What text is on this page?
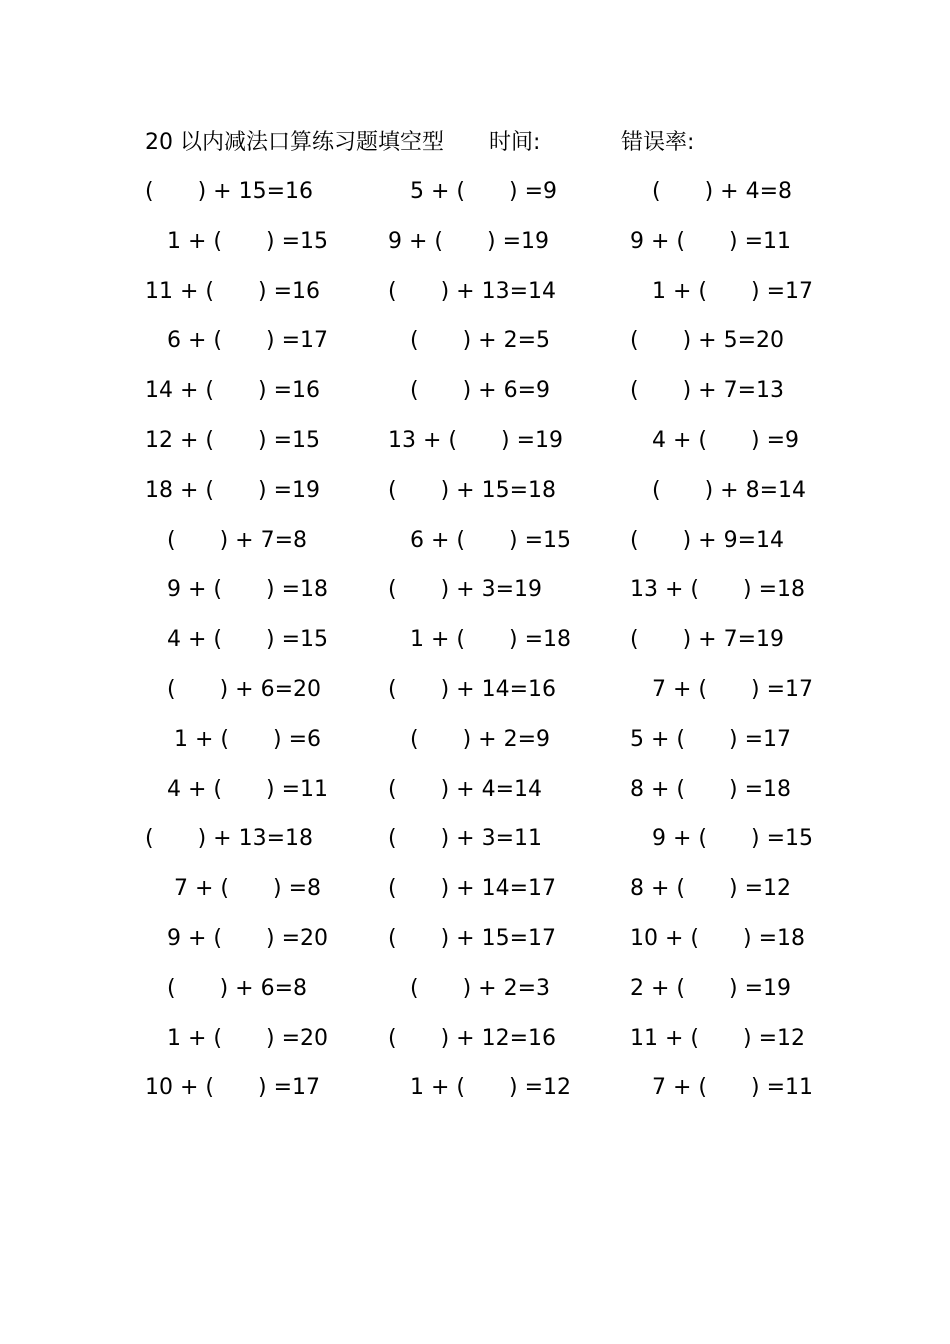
20 以内减法口算练习题填空型 时间:	错误率:
(　　) + 15=16	　5 + (　　) =9	　(　　) + 4=8
　1 + (　　) =15	9 + (　　) =19	9 + (　　) =11
11 + (　　) =16	(　　) + 13=14	　1 + (　　) =17
　6 + (　　) =17	　(　　) + 2=5	(　　) + 5=20
14 + (　　) =16	　(　　) + 6=9	(　　) + 7=13
12 + (　　) =15	13 + (　　) =19	　4 + (　　) =9
18 + (　　) =19	(　　) + 15=18	　(　　) + 8=14
　(　　) + 7=8	　6 + (　　) =15	(　　) + 9=14
　9 + (　　) =18	(　　) + 3=19	13 + (　　) =18
　4 + (　　) =15	　1 + (　　) =18	(　　) + 7=19
　(　　) + 6=20	(　　) + 14=16	　7 + (　　) =17
　 1 + (　　) =6	　(　　) + 2=9	5 + (　　) =17
　4 + (　　) =11	(　　) + 4=14	8 + (　　) =18
(　　) + 13=18	(　　) + 3=11	　9 + (　　) =15
　 7 + (　　) =8	(　　) + 14=17	8 + (　　) =12
　9 + (　　) =20	(　　) + 15=17	10 + (　　) =18
　(　　) + 6=8	　(　　) + 2=3	2 + (　　) =19
　1 + (　　) =20	(　　) + 12=16	11 + (　　) =12
10 + (　　) =17	　1 + (　　) =12	　7 + (　　) =11
